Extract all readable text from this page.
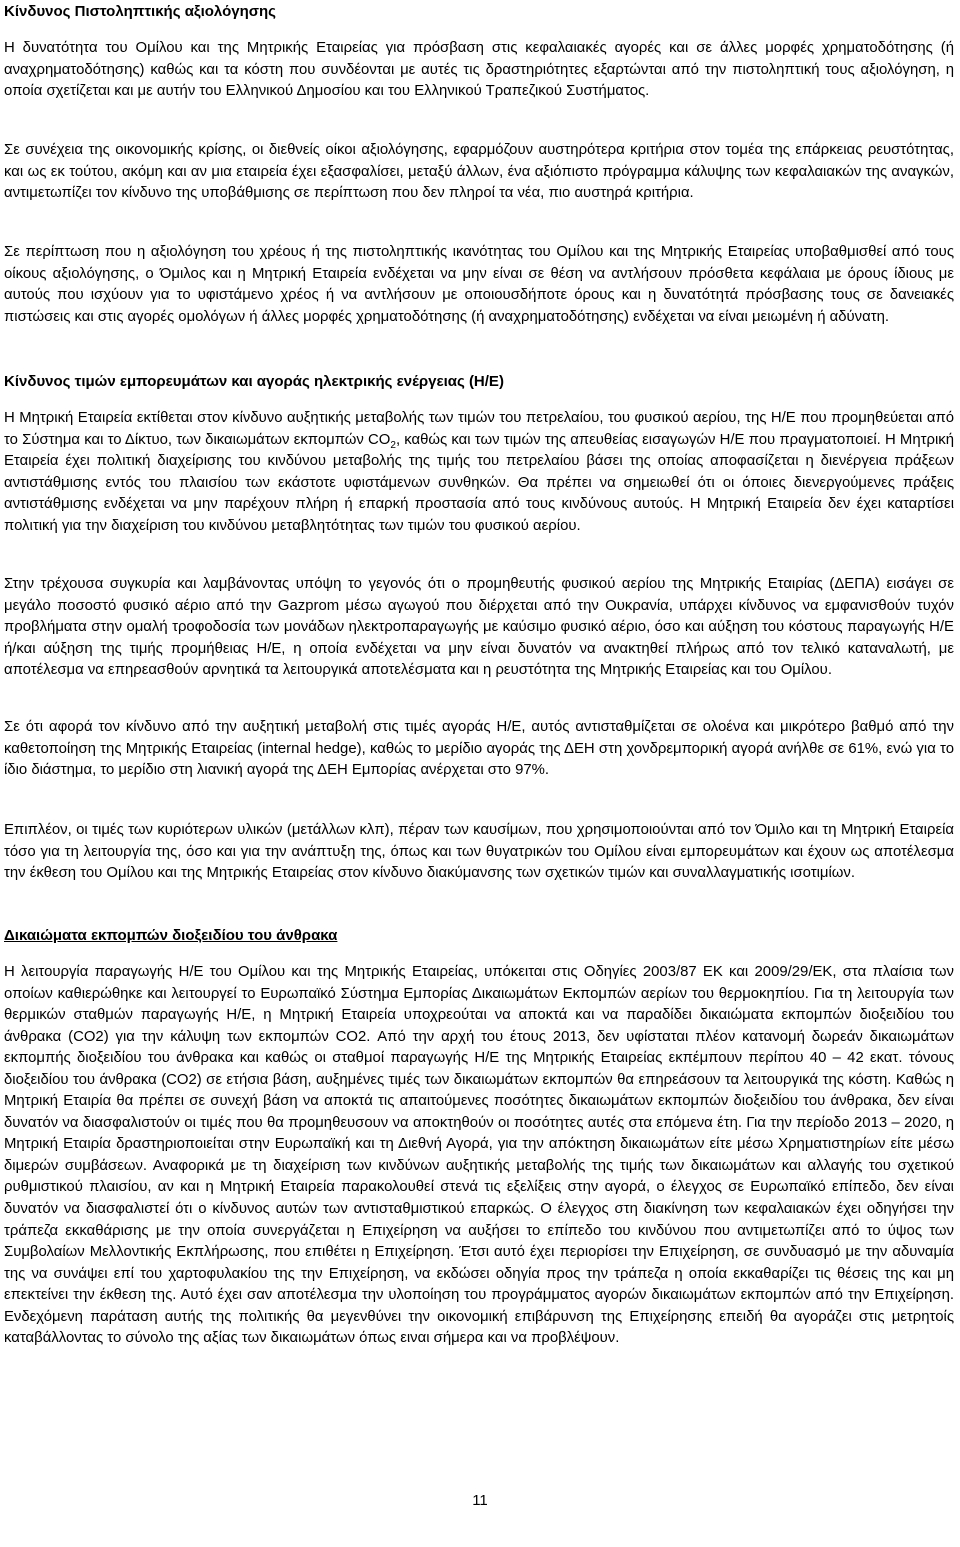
Κίνδυνος Πιστοληπτικής αξιολόγησης

Η δυνατότητα του Ομίλου και της Μητρικής Εταιρείας για πρόσβαση στις κεφαλαιακές αγορές και σε άλλες μορφές χρηματοδότησης (ή αναχρηματοδότησης) καθώς και τα κόστη που συνδέονται με αυτές τις δραστηριότητες εξαρτώνται από την πιστοληπτική τους αξιολόγηση, η οποία σχετίζεται και με αυτήν του Ελληνικού Δημοσίου και του Ελληνικού Τραπεζικού Συστήματος.

Σε συνέχεια της οικονομικής κρίσης, οι διεθνείς οίκοι αξιολόγησης, εφαρμόζουν αυστηρότερα κριτήρια στον τομέα της επάρκειας ρευστότητας, και ως εκ τούτου, ακόμη και αν μια εταιρεία έχει εξασφαλίσει, μεταξύ άλλων, ένα αξιόπιστο πρόγραμμα κάλυψης των κεφαλαιακών της αναγκών, αντιμετωπίζει τον κίνδυνο της υποβάθμισης σε περίπτωση που δεν πληροί τα νέα, πιο αυστηρά κριτήρια.

Σε περίπτωση που η αξιολόγηση του χρέους ή της πιστοληπτικής ικανότητας του Ομίλου και της Μητρικής Εταιρείας υποβαθμισθεί από τους οίκους αξιολόγησης, ο Όμιλος και η Μητρική Εταιρεία ενδέχεται να μην είναι σε θέση να αντλήσουν πρόσθετα κεφάλαια με όρους ίδιους με αυτούς που ισχύουν για το υφιστάμενο χρέος ή να αντλήσουν με οποιουσδήποτε όρους και η δυνατότητά πρόσβασης τους σε δανειακές πιστώσεις και στις αγορές ομολόγων ή άλλες μορφές χρηματοδότησης (ή αναχρηματοδότησης) ενδέχεται να είναι μειωμένη ή αδύνατη.

Κίνδυνος τιμών εμπορευμάτων και αγοράς ηλεκτρικής ενέργειας (Η/Ε)

Η Μητρική Εταιρεία εκτίθεται στον κίνδυνο αυξητικής μεταβολής των τιμών του πετρελαίου, του φυσικού αερίου, της Η/Ε που προμηθεύεται από το Σύστημα και το Δίκτυο, των δικαιωμάτων εκπομπών $CO_2$, καθώς και των τιμών της απευθείας εισαγωγών Η/Ε που πραγματοποιεί. Η Μητρική Εταιρεία έχει πολιτική διαχείρισης του κινδύνου μεταβολής της τιμής του πετρελαίου βάσει της οποίας αποφασίζεται η διενέργεια πράξεων αντιστάθμισης εντός του πλαισίου των εκάστοτε υφιστάμενων συνθηκών. Θα πρέπει να σημειωθεί ότι οι όποιες διενεργούμενες πράξεις αντιστάθμισης ενδέχεται να μην παρέχουν πλήρη ή επαρκή προστασία από τους κινδύνους αυτούς. Η Μητρική Εταιρεία δεν έχει καταρτίσει πολιτική για την διαχείριση του κινδύνου μεταβλητότητας των τιμών του φυσικού αερίου.

Στην τρέχουσα συγκυρία και λαμβάνοντας υπόψη το γεγονός ότι ο προμηθευτής φυσικού αερίου της Μητρικής Εταιρίας (ΔΕΠΑ) εισάγει σε μεγάλο ποσοστό φυσικό αέριο από την Gazprom μέσω αγωγού που διέρχεται από την Ουκρανία, υπάρχει κίνδυνος να εμφανισθούν τυχόν προβλήματα στην ομαλή τροφοδοσία των μονάδων ηλεκτροπαραγωγής με καύσιμο φυσικό αέριο, όσο και αύξηση του κόστους παραγωγής Η/Ε ή/και αύξηση της τιμής προμήθειας Η/Ε, η οποία ενδέχεται να μην είναι δυνατόν να ανακτηθεί πλήρως από τον τελικό καταναλωτή, με αποτέλεσμα να επηρεασθούν αρνητικά τα λειτουργικά αποτελέσματα και η ρευστότητα της Μητρικής Εταιρείας και του Ομίλου.

Σε ότι αφορά τον κίνδυνο από την αυξητική μεταβολή στις τιμές αγοράς Η/Ε, αυτός αντισταθμίζεται σε ολοένα και μικρότερο βαθμό από την καθετοποίηση της Μητρικής Εταιρείας (internal hedge), καθώς το μερίδιο αγοράς της ΔΕΗ στη χονδρεμπορική αγορά ανήλθε σε 61%, ενώ για το ίδιο διάστημα, το μερίδιο στη λιανική αγορά της ΔΕΗ Εμπορίας ανέρχεται στο 97%.

Επιπλέον, οι τιμές των κυριότερων υλικών (μετάλλων κλπ), πέραν των καυσίμων, που χρησιμοποιούνται από τον Όμιλο και τη Μητρική Εταιρεία τόσο για τη λειτουργία της, όσο και για την ανάπτυξη της, όπως και των θυγατρικών του Ομίλου είναι εμπορευμάτων και έχουν ως αποτέλεσμα την έκθεση του Ομίλου και της Μητρικής Εταιρείας στον κίνδυνο διακύμανσης των σχετικών τιμών και συναλλαγματικής ισοτιμίων.

Δικαιώματα εκπομπών διοξειδίου του άνθρακα

Η λειτουργία παραγωγής Η/Ε του Ομίλου και της Μητρικής Εταιρείας, υπόκειται στις Οδηγίες 2003/87 ΕΚ και 2009/29/ΕΚ, στα πλαίσια των οποίων καθιερώθηκε και λειτουργεί το Ευρωπαϊκό Σύστημα Εμπορίας Δικαιωμάτων Εκπομπών αερίων του θερμοκηπίου. Για τη λειτουργία των θερμικών σταθμών παραγωγής Η/Ε, η Μητρική Εταιρεία υποχρεούται να αποκτά και να παραδίδει δικαιώματα εκπομπών διοξειδίου του άνθρακα (CO2) για την κάλυψη των εκπομπών CO2. Από την αρχή του έτους 2013, δεν υφίσταται πλέον κατανομή δωρεάν δικαιωμάτων εκπομπής διοξειδίου του άνθρακα και καθώς οι σταθμοί παραγωγής Η/Ε της Μητρικής Εταιρείας εκπέμπουν περίπου 40 – 42 εκατ. τόνους διοξειδίου του άνθρακα (CO2) σε ετήσια βάση, αυξημένες τιμές των δικαιωμάτων εκπομπών θα επηρεάσουν τα λειτουργικά της κόστη. Καθώς η Μητρική Εταιρία θα πρέπει σε συνεχή βάση να αποκτά τις απαιτούμενες ποσότητες δικαιωμάτων εκπομπών διοξειδίου του άνθρακα, δεν είναι δυνατόν να διασφαλιστούν οι τιμές που θα προμηθευσουν να αποκτηθούν οι ποσότητες αυτές στα επόμενα έτη. Για την περίοδο 2013 – 2020, η Μητρική Εταιρία δραστηριοποιείται στην Ευρωπαϊκή και τη Διεθνή Αγορά, για την απόκτηση δικαιωμάτων είτε μέσω Χρηματιστηρίων είτε μέσω διμερών συμβάσεων. Αναφορικά με τη διαχείριση των κινδύνων αυξητικής μεταβολής της τιμής των δικαιωμάτων και αλλαγής του σχετικού ρυθμιστικού πλαισίου, αν και η Μητρική Εταιρεία παρακολουθεί στενά τις εξελίξεις στην αγορά, ο έλεγχος σε Ευρωπαϊκό επίπεδο, δεν είναι δυνατόν να διασφαλιστεί ότι ο κίνδυνος αυτών των αντισταθμιστικού επαρκώς. Ο έλεγχος στη διακίνηση των κεφαλαιακών έχει οδηγήσει την τράπεζα εκκαθάρισης με την οποία συνεργάζεται η Επιχείρηση να αυξήσει το επίπεδο του κινδύνου που αντιμετωπίζει από το ύψος των Συμβολαίων Μελλοντικής Εκπλήρωσης, που επιθέτει η Επιχείρηση. Έτσι αυτό έχει περιορίσει την Επιχείρηση, σε συνδυασμό με την αδυναμία της να συνάψει επί του χαρτοφυλακίου της την Επιχείρηση, να εκδώσει οδηγία προς την τράπεζα η οποία εκκαθαρίζει τις θέσεις της και μη επεκτείνει την έκθεση της. Αυτό έχει σαν αποτέλεσμα την υλοποίηση του προγράμματος αγορών δικαιωμάτων εκπομπών από την Επιχείρηση. Ενδεχόμενη παράταση αυτής της πολιτικής θα μεγενθύνει την οικονομική επιβάρυνση της Επιχείρησης επειδή θα αγοράζει στις μετρητοίς καταβάλλοντας το σύνολο της αξίας των δικαιωμάτων όπως ειναι σήμερα και να προβλέψουν.

11
